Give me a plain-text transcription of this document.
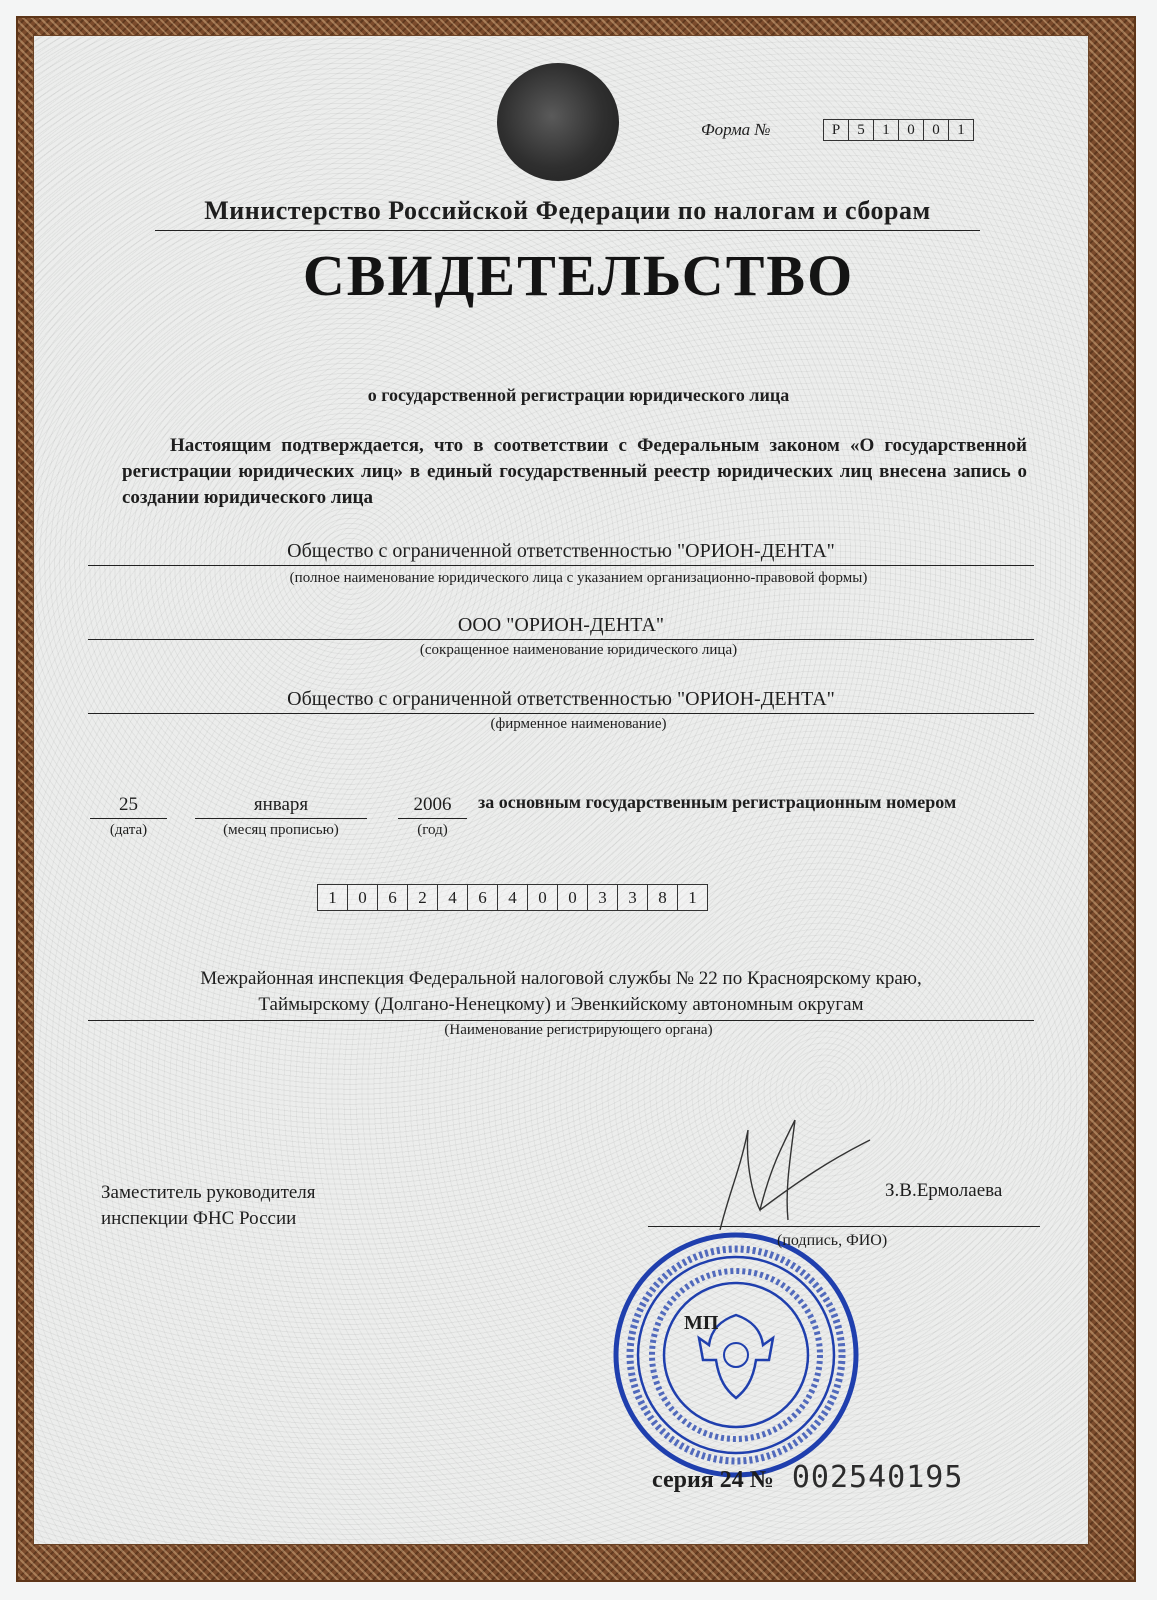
Форма №	Р	5	1	0	0	1
Министерство Российской Федерации по налогам и сборам
СВИДЕТЕЛЬСТВО
о государственной регистрации юридического лица
Настоящим подтверждается, что в соответствии с Федеральным законом «О государственной регистрации юридических лиц» в единый государственный реестр юридических лиц внесена запись о создании юридического лица
Общество с ограниченной ответственностью "ОРИОН-ДЕНТА"
(полное наименование юридического лица с указанием организационно-правовой формы)
ООО "ОРИОН-ДЕНТА"
(сокращенное наименование юридического лица)
Общество с ограниченной ответственностью "ОРИОН-ДЕНТА"
(фирменное наименование)
25
(дата)
января
(месяц прописью)
2006
(год)
за основным государственным регистрационным номером
1	0	6	2	4	6	4	0	0	3	3	8	1
Межрайонная инспекция Федеральной налоговой службы № 22 по Красноярскому краю,
Таймырскому (Долгано-Ненецкому) и Эвенкийскому автономным округам
(Наименование регистрирующего органа)
Заместитель руководителя
инспекции ФНС России
З.В.Ермолаева
(подпись, ФИО)
МП
серия 24 № 002540195
